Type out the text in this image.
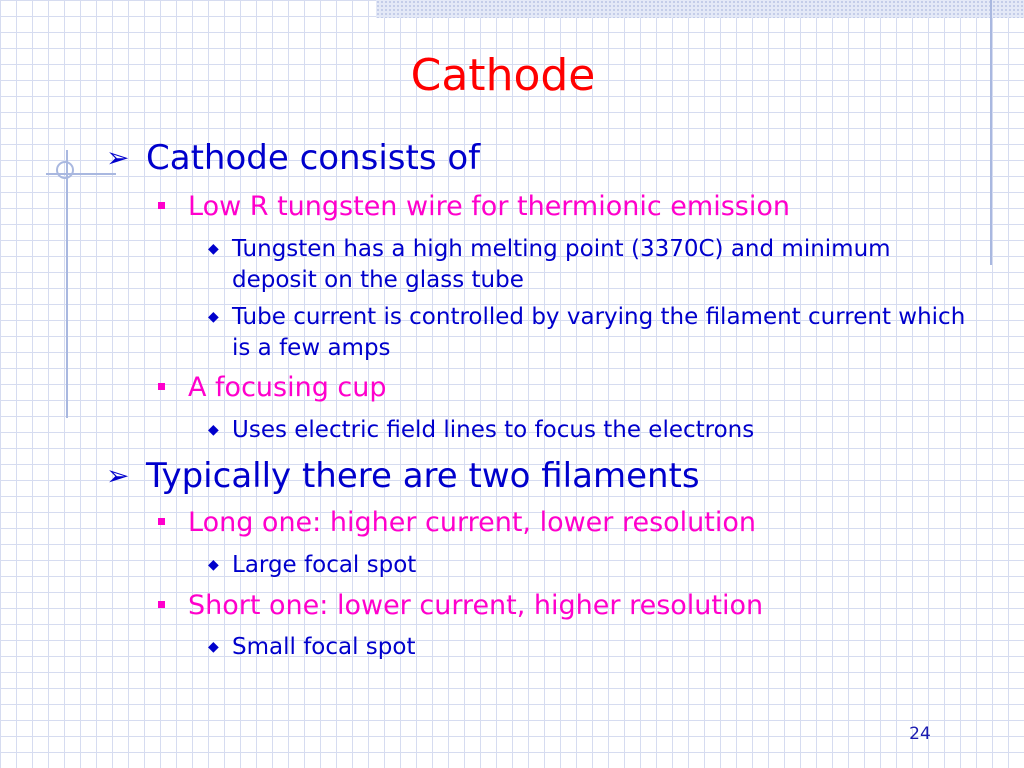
Cathode
➢ Cathode consists of
Low R tungsten wire for thermionic emission
◆ Tungsten has a high melting point (3370C) and minimum deposit on the glass tube
◆ Tube current is controlled by varying the filament current which is a few amps
A focusing cup
◆ Uses electric field lines to focus the electrons
➢ Typically there are two filaments
Long one: higher current, lower resolution
◆ Large focal spot
Short one: lower current, higher resolution
◆ Small focal spot
24
